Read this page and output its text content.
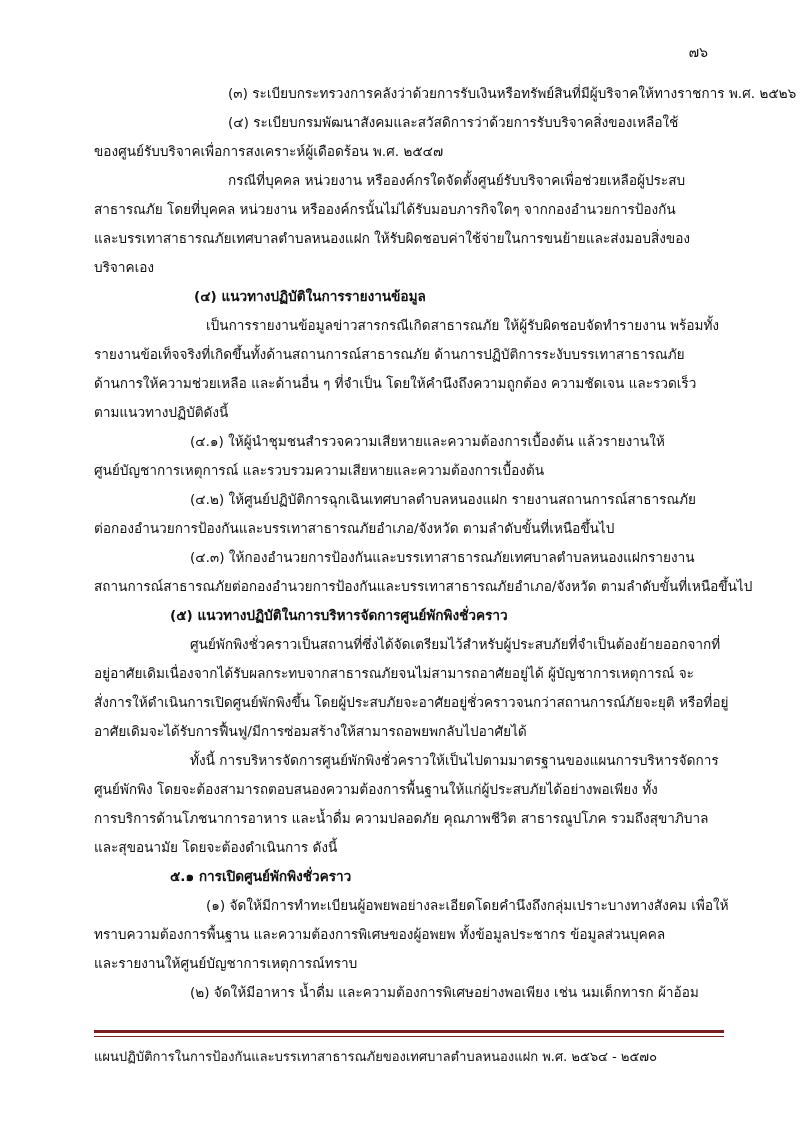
๗๖
(๓) ระเบียบกระทรวงการคลังว่าด้วยการรับเงินหรือทรัพย์สินที่มีผู้บริจาคให้ทางราชการ พ.ศ. ๒๕๒๖
(๔) ระเบียบกรมพัฒนาสังคมและสวัสดิการว่าด้วยการรับบริจาคสิ่งของเหลือใช้
ของศูนย์รับบริจาคเพื่อการสงเคราะห์ผู้เดือดร้อน พ.ศ. ๒๕๔๗
กรณีที่บุคคล หน่วยงาน หรือองค์กรใดจัดตั้งศูนย์รับบริจาคเพื่อช่วยเหลือผู้ประสบ
สาธารณภัย โดยที่บุคคล หน่วยงาน หรือองค์กรนั้นไม่ได้รับมอบภารกิจใดๆ จากกองอำนวยการป้องกัน
และบรรเทาสาธารณภัยเทศบาลตำบลหนองแฝก ให้รับผิดชอบค่าใช้จ่ายในการขนย้ายและส่งมอบสิ่งของ
บริจาคเอง
(๔) แนวทางปฏิบัติในการรายงานข้อมูล
เป็นการรายงานข้อมูลข่าวสารกรณีเกิดสาธารณภัย ให้ผู้รับผิดชอบจัดทำรายงาน พร้อมทั้ง
รายงานข้อเท็จจริงที่เกิดขึ้นทั้งด้านสถานการณ์สาธารณภัย ด้านการปฏิบัติการระงับบรรเทาสาธารณภัย
ด้านการให้ความช่วยเหลือ และด้านอื่น ๆ ที่จำเป็น โดยให้คำนึงถึงความถูกต้อง ความชัดเจน และรวดเร็ว
ตามแนวทางปฏิบัติดังนี้
(๔.๑) ให้ผู้นำชุมชนสำรวจความเสียหายและความต้องการเบื้องต้น แล้วรายงานให้
ศูนย์บัญชาการเหตุการณ์ และรวบรวมความเสียหายและความต้องการเบื้องต้น
(๔.๒) ให้ศูนย์ปฏิบัติการฉุกเฉินเทศบาลตำบลหนองแฝก รายงานสถานการณ์สาธารณภัย
ต่อกองอำนวยการป้องกันและบรรเทาสาธารณภัยอำเภอ/จังหวัด ตามลำดับขั้นที่เหนือขึ้นไป
(๔.๓) ให้กองอำนวยการป้องกันและบรรเทาสาธารณภัยเทศบาลตำบลหนองแฝกรายงาน
สถานการณ์สาธารณภัยต่อกองอำนวยการป้องกันและบรรเทาสาธารณภัยอำเภอ/จังหวัด ตามลำดับขั้นที่เหนือขึ้นไป
(๕) แนวทางปฏิบัติในการบริหารจัดการศูนย์พักพิงชั่วคราว
ศูนย์พักพิงชั่วคราวเป็นสถานที่ซึ่งได้จัดเตรียมไว้สำหรับผู้ประสบภัยที่จำเป็นต้องย้ายออกจากที่
อยู่อาศัยเดิมเนื่องจากได้รับผลกระทบจากสาธารณภัยจนไม่สามารถอาศัยอยู่ได้ ผู้บัญชาการเหตุการณ์ จะ
สั่งการให้ดำเนินการเปิดศูนย์พักพิงขึ้น โดยผู้ประสบภัยจะอาศัยอยู่ชั่วคราวจนกว่าสถานการณ์ภัยจะยุติ หรือที่อยู่
อาศัยเดิมจะได้รับการฟื้นฟู/มีการซ่อมสร้างให้สามารถอพยพกลับไปอาศัยได้
ทั้งนี้ การบริหารจัดการศูนย์พักพิงชั่วคราวให้เป็นไปตามมาตรฐานของแผนการบริหารจัดการ
ศูนย์พักพิง โดยจะต้องสามารถตอบสนองความต้องการพื้นฐานให้แก่ผู้ประสบภัยได้อย่างพอเพียง ทั้ง
การบริการด้านโภชนาการอาหาร และน้ำดื่ม ความปลอดภัย คุณภาพชีวิต สาธารณูปโภค รวมถึงสุขาภิบาล
และสุขอนามัย โดยจะต้องดำเนินการ ดังนี้
๕.๑ การเปิดศูนย์พักพิงชั่วคราว
(๑) จัดให้มีการทำทะเบียนผู้อพยพอย่างละเอียดโดยคำนึงถึงกลุ่มเปราะบางทางสังคม เพื่อให้
ทราบความต้องการพื้นฐาน และความต้องการพิเศษของผู้อพยพ ทั้งข้อมูลประชากร ข้อมูลส่วนบุคคล
และรายงานให้ศูนย์บัญชาการเหตุการณ์ทราบ
(๒) จัดให้มีอาหาร น้ำดื่ม และความต้องการพิเศษอย่างพอเพียง เช่น นมเด็กทารก ผ้าอ้อม
แผนปฏิบัติการในการป้องกันและบรรเทาสาธารณภัยของเทศบาลตำบลหนองแฝก พ.ศ. ๒๕๖๔ - ๒๕๗๐
